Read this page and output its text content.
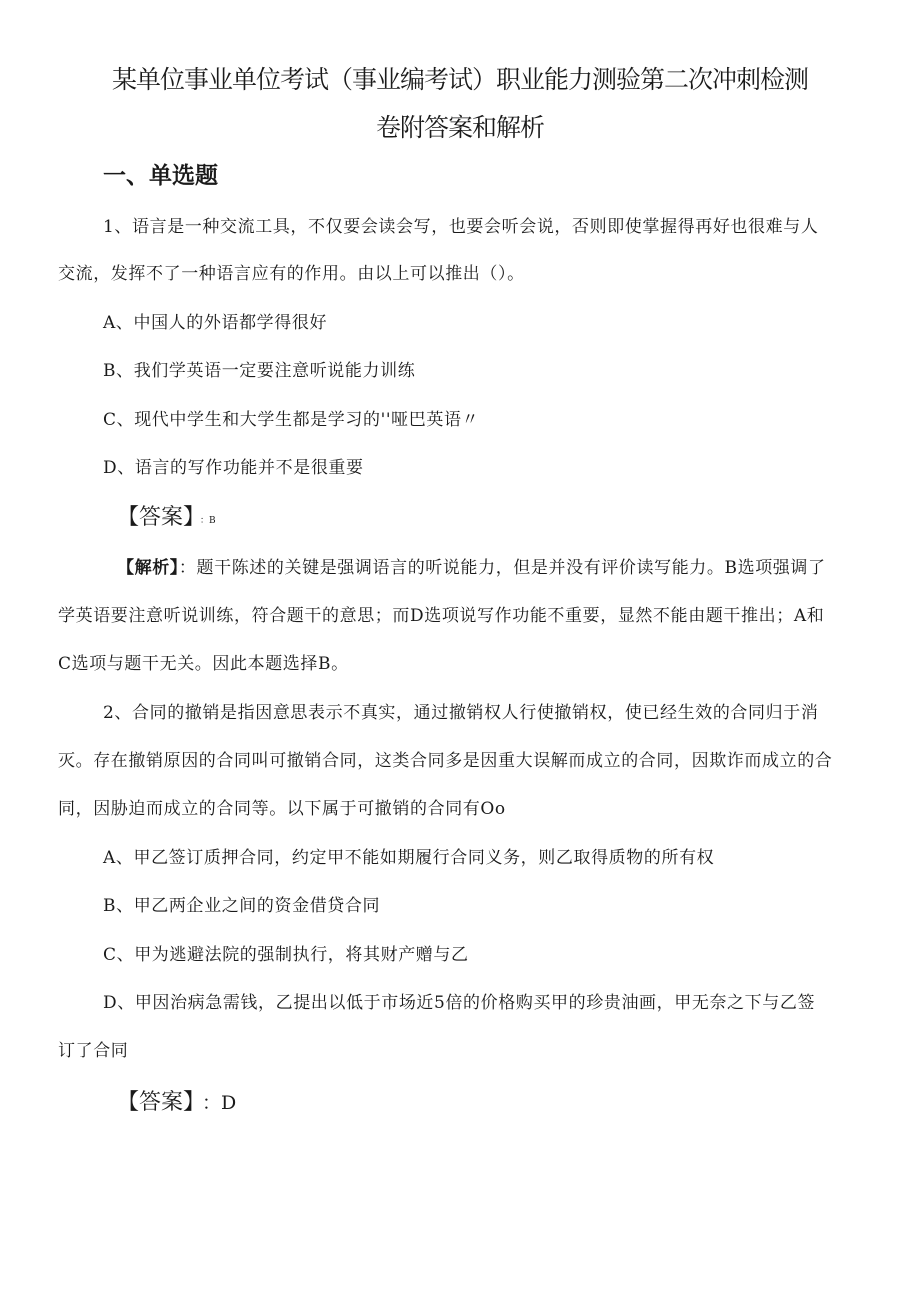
某单位事业单位考试（事业编考试）职业能力测验第二次冲刺检测
卷附答案和解析
一、单选题
1、语言是一种交流工具，不仅要会读会写，也要会听会说，否则即使掌握得再好也很难与人
交流，发挥不了一种语言应有的作用。由以上可以推出（）。
A、中国人的外语都学得很好
B、我们学英语一定要注意听说能力训练
C、现代中学生和大学生都是学习的''哑巴英语〃
D、语言的写作功能并不是很重要
【答案】 ：B
【解析】：题干陈述的关键是强调语言的听说能力，但是并没有评价读写能力。B选项强调了
学英语要注意听说训练，符合题干的意思；而D选项说写作功能不重要，显然不能由题干推出；A和
C选项与题干无关。因此本题选择B。
2、合同的撤销是指因意思表示不真实，通过撤销权人行使撤销权，使已经生效的合同归于消
灭。存在撤销原因的合同叫可撤销合同，这类合同多是因重大误解而成立的合同，因欺诈而成立的合
同，因胁迫而成立的合同等。以下属于可撤销的合同有Oo
A、甲乙签订质押合同，约定甲不能如期履行合同义务，则乙取得质物的所有权
B、甲乙两企业之间的资金借贷合同
C、甲为逃避法院的强制执行，将其财产赠与乙
D、甲因治病急需钱，乙提出以低于市场近5倍的价格购买甲的珍贵油画，甲无奈之下与乙签
订了合同
【答案】 ：D
